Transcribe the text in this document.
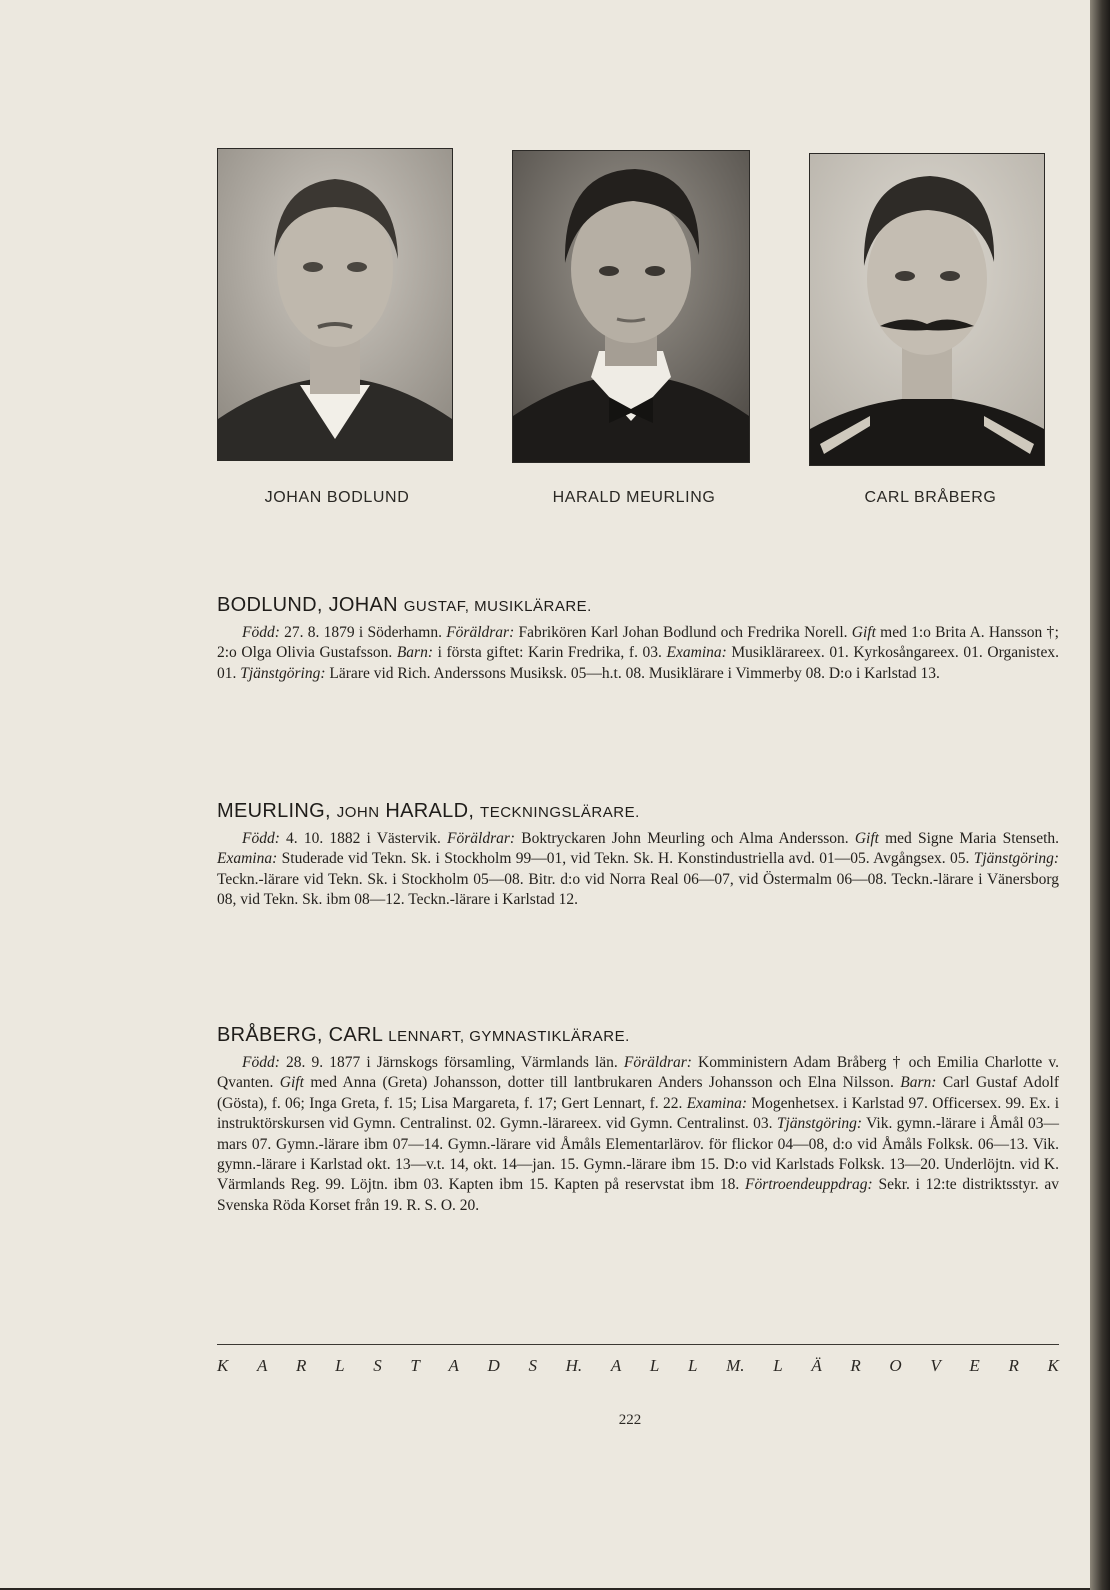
JOHAN BODLUND	HARALD MEURLING	CARL BRÅBERG
BODLUND, JOHAN GUSTAF, MUSIKLÄRARE.
Född: 27. 8. 1879 i Söderhamn. Föräldrar: Fabrikören Karl Johan Bodlund och Fredrika Norell. Gift med 1:o Brita A. Hansson †; 2:o Olga Olivia Gustafsson. Barn: i första giftet: Karin Fredrika, f. 03. Examina: Musiklärareex. 01. Kyrkosångareex. 01. Organistex. 01. Tjänstgöring: Lärare vid Rich. Anderssons Musiksk. 05—h.t. 08. Musiklärare i Vimmerby 08. D:o i Karlstad 13.
MEURLING, JOHN HARALD, TECKNINGSLÄRARE.
Född: 4. 10. 1882 i Västervik. Föräldrar: Boktryckaren John Meurling och Alma Andersson. Gift med Signe Maria Stenseth. Examina: Studerade vid Tekn. Sk. i Stockholm 99—01, vid Tekn. Sk. H. Konstindustriella avd. 01—05. Avgångsex. 05. Tjänstgöring: Teckn.-lärare vid Tekn. Sk. i Stockholm 05—08. Bitr. d:o vid Norra Real 06—07, vid Östermalm 06—08. Teckn.-lärare i Vänersborg 08, vid Tekn. Sk. ibm 08—12. Teckn.-lärare i Karlstad 12.
BRÅBERG, CARL LENNART, GYMNASTIKLÄRARE.
Född: 28. 9. 1877 i Järnskogs församling, Värmlands län. Föräldrar: Komministern Adam Bråberg † och Emilia Charlotte v. Qvanten. Gift med Anna (Greta) Johansson, dotter till lantbrukaren Anders Johansson och Elna Nilsson. Barn: Carl Gustaf Adolf (Gösta), f. 06; Inga Greta, f. 15; Lisa Margareta, f. 17; Gert Lennart, f. 22. Examina: Mogenhetsex. i Karlstad 97. Officersex. 99. Ex. i instruktörskursen vid Gymn. Centralinst. 02. Gymn.-lärareex. vid Gymn. Centralinst. 03. Tjänstgöring: Vik. gymn.-lärare i Åmål 03—mars 07. Gymn.-lärare ibm 07—14. Gymn.-lärare vid Åmåls Elementarlärov. för flickor 04—08, d:o vid Åmåls Folksk. 06—13. Vik. gymn.-lärare i Karlstad okt. 13—v.t. 14, okt. 14—jan. 15. Gymn.-lärare ibm 15. D:o vid Karlstads Folksk. 13—20. Underlöjtn. vid K. Värmlands Reg. 99. Löjtn. ibm 03. Kapten ibm 15. Kapten på reservstat ibm 18. Förtroendeuppdrag: Sekr. i 12:te distriktsstyr. av Svenska Röda Korset från 19. R. S. O. 20.
K A R L S T A D S H. A L L M. L Ä R O V E R K
222
